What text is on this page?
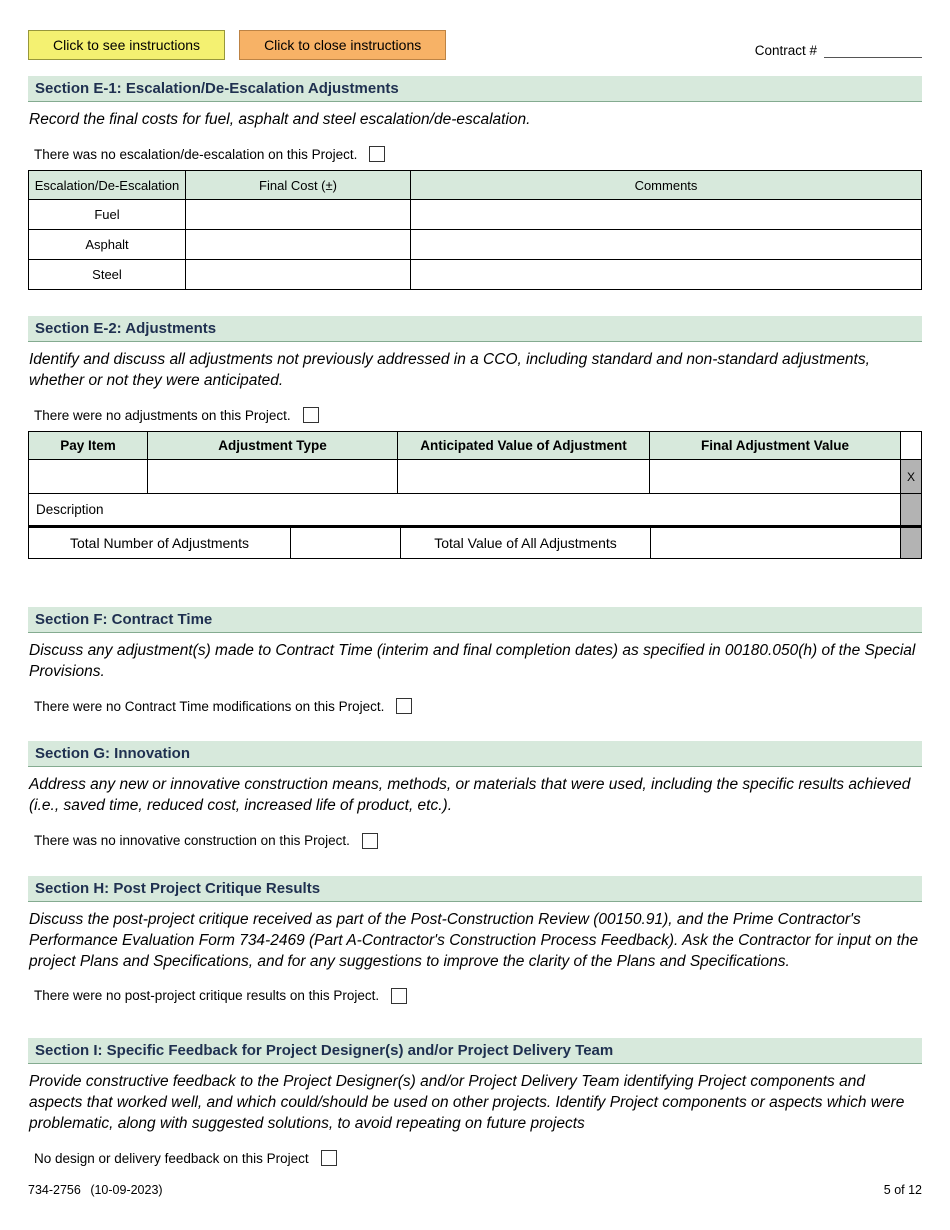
Click to see instructions	Click to close instructions	Contract #
Section E-1: Escalation/De-Escalation Adjustments
Record the final costs for fuel, asphalt and steel escalation/de-escalation.
There was no escalation/de-escalation on this Project.
Escalation/De-Escalation	Final Cost (±)	Comments
Fuel		
Asphalt		
Steel		
Section E-2: Adjustments
Identify and discuss all adjustments not previously addressed in a CCO, including standard and non-standard adjustments, whether or not they were anticipated.
There were no adjustments on this Project.
Pay Item	Adjustment Type	Anticipated Value of Adjustment	Final Adjustment Value
X
Description
Total Number of Adjustments	Total Value of All Adjustments
Section F: Contract Time
Discuss any adjustment(s) made to Contract Time (interim and final completion dates) as specified in 00180.050(h) of the Special Provisions.
There were no Contract Time modifications on this Project.
Section G: Innovation
Address any new or innovative construction means, methods, or materials that were used, including the specific results achieved (i.e., saved time, reduced cost, increased life of product, etc.).
There was no innovative construction on this Project.
Section H: Post Project Critique Results
Discuss the post-project critique received as part of the Post-Construction Review (00150.91), and the Prime Contractor's Performance Evaluation Form 734-2469 (Part A-Contractor's Construction Process Feedback). Ask the Contractor for input on the project Plans and Specifications, and for any suggestions to improve the clarity of the Plans and Specifications.
There were no post-project critique results on this Project.
Section I: Specific Feedback for Project Designer(s) and/or Project Delivery Team
Provide constructive feedback to the Project Designer(s) and/or Project Delivery Team identifying Project components and aspects that worked well, and which could/should be used on other projects. Identify Project components or aspects which were problematic, along with suggested solutions, to avoid repeating on future projects
No design or delivery feedback on this Project
734-2756 (10-09-2023)	5 of 12
